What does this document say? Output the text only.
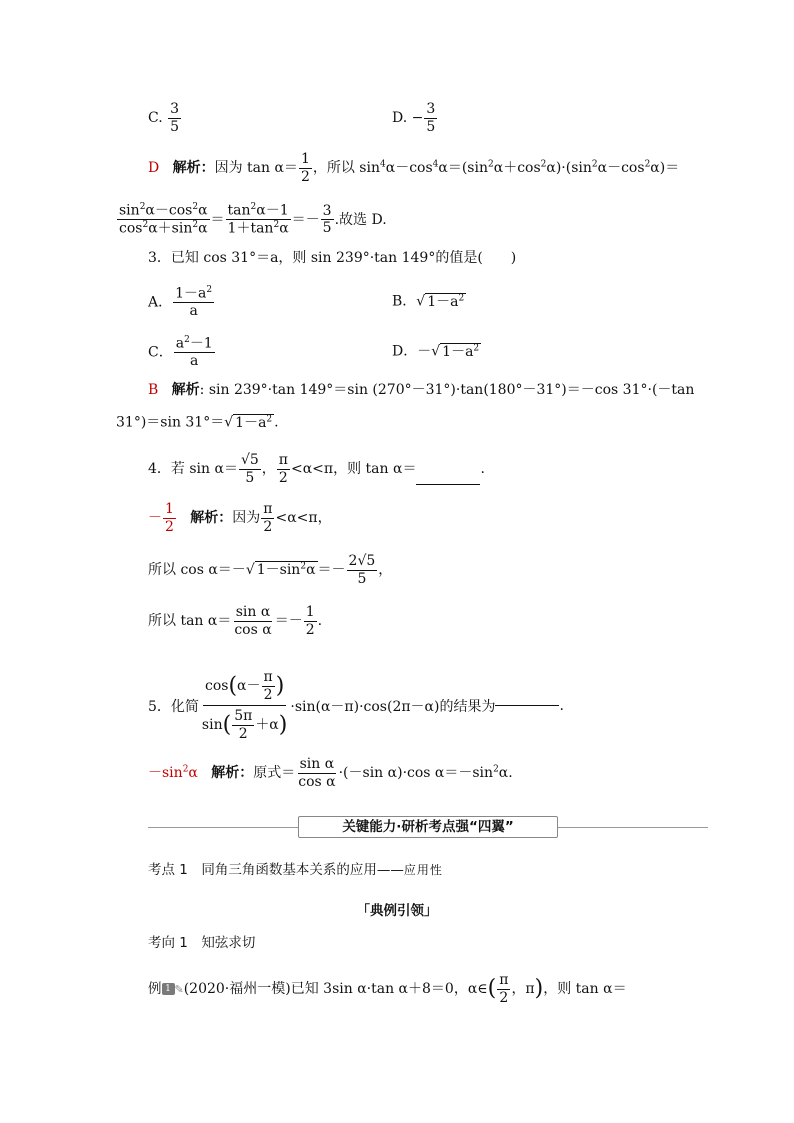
C. $\frac{3}{5}$	D. − $\frac{3}{5}$
D 解析：因为 $\tan \alpha= \frac{1}{2}$ ，所以 $\sin^4\alpha-\cos^4\alpha=(\sin^2\alpha+\cos^2\alpha)\cdot(\sin^2\alpha-\cos^2\alpha)=$
$\frac{\sin^2\alpha-\cos^2\alpha}{\cos^2\alpha+\sin^2\alpha} = \frac{\tan^2\alpha-1}{1+\tan^2\alpha} =- \frac{3}{5}$ .故选 D.
3．已知 cos 31°＝a，则 sin 239°·tan 149°的值是(　　)
A． $\frac{1-a^2}{a}$	B．√ $1-a^2$
C． $\frac{a^2-1}{a}$	D．－√ $1-a^2$
B 解析: sin 239°·tan 149°＝sin (270°－31°)·tan(180°－31°)＝－cos 31°·(－tan
31°)＝sin 31°＝√ $1-a^2$ .
4．若 $\sin \alpha= \frac{√5}{5}$ ， $\frac{\pi}{2} <\alpha<\pi$，则 tan α＝	.
－ $\frac{1}{2}$ 解析：因为 $\frac{\pi}{2} <\alpha<\pi$，
所以 cos α＝－√ $1-\sin^2\alpha =- \frac{2√5}{5}$ ，
所以 $\tan \alpha= \frac{\text{sin α}}{\text{cos α}} =- \frac{1}{2}$ .
5．化简 $\frac{\cos(\alpha- \frac{\pi}{2} )}{\sin( \frac{5\pi}{2} +\alpha)} \cdot\sin(\alpha-\pi)\cdot\cos(2\pi-\alpha)$的结果为	.
$-\sin^2\alpha$ 解析：原式＝ $\frac{\text{sin α}}{\text{cos α}} \cdot(-\sin$ α)·cos $\alpha=-\sin^2\alpha$.
关键能力·研析考点强“四翼”
考点 1　同角三角函数基本关系的应用——应用性
「典例引领」
考向 1　知弦求切
例 1 ✎(2020·福州一模)已知 3sin α·tan α＋8＝0，α∈( $\frac{\pi}{2}$ ，π)，则 tan α＝
